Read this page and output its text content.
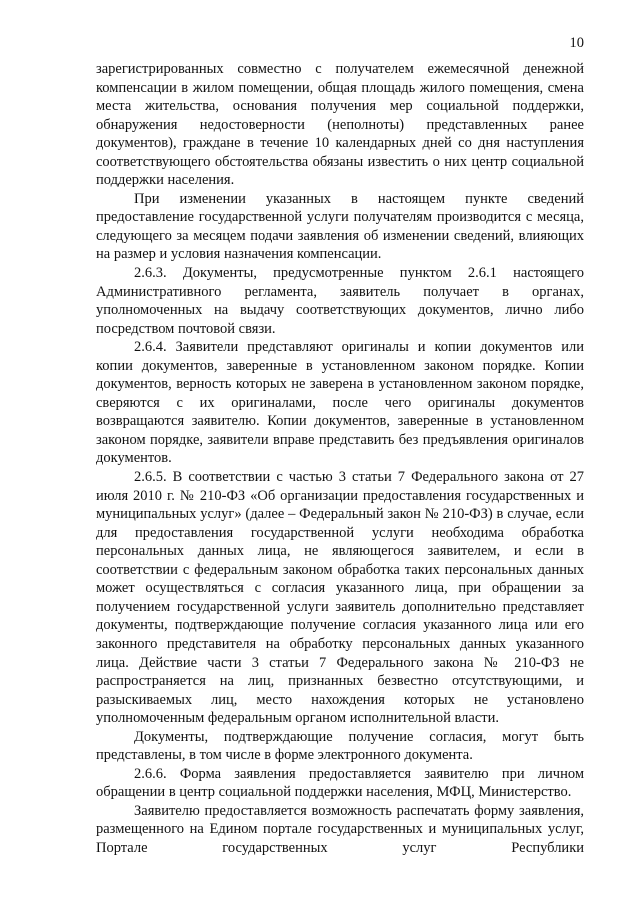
10

зарегистрированных совместно с получателем ежемесячной денежной компенсации в жилом помещении, общая площадь жилого помещения, смена места жительства, основания получения мер социальной поддержки, обнаружения недостоверности (неполноты) представленных ранее документов), граждане в течение 10 календарных дней со дня наступления соответствующего обстоятельства обязаны известить о них центр социальной поддержки населения.

При изменении указанных в настоящем пункте сведений предоставление государственной услуги получателям производится с месяца, следующего за месяцем подачи заявления об изменении сведений, влияющих на размер и условия назначения компенсации.

2.6.3. Документы, предусмотренные пунктом 2.6.1 настоящего Административного регламента, заявитель получает в органах, уполномоченных на выдачу соответствующих документов, лично либо посредством почтовой связи.

2.6.4. Заявители представляют оригиналы и копии документов или копии документов, заверенные в установленном законом порядке. Копии документов, верность которых не заверена в установленном законом порядке, сверяются с их оригиналами, после чего оригиналы документов возвращаются заявителю. Копии документов, заверенные в установленном законом порядке, заявители вправе представить без предъявления оригиналов документов.

2.6.5. В соответствии с частью 3 статьи 7 Федерального закона от 27 июля 2010 г. № 210-ФЗ «Об организации предоставления государственных и муниципальных услуг» (далее – Федеральный закон № 210-ФЗ) в случае, если для предоставления государственной услуги необходима обработка персональных данных лица, не являющегося заявителем, и если в соответствии с федеральным законом обработка таких персональных данных может осуществляться с согласия указанного лица, при обращении за получением государственной услуги заявитель дополнительно представляет документы, подтверждающие получение согласия указанного лица или его законного представителя на обработку персональных данных указанного лица. Действие части 3 статьи 7 Федерального закона № 210-ФЗ не распространяется на лиц, признанных безвестно отсутствующими, и разыскиваемых лиц, место нахождения которых не установлено уполномоченным федеральным органом исполнительной власти.

Документы, подтверждающие получение согласия, могут быть представлены, в том числе в форме электронного документа.

2.6.6. Форма заявления предоставляется заявителю при личном обращении в центр социальной поддержки населения, МФЦ, Министерство.

Заявителю предоставляется возможность распечатать форму заявления, размещенного на Едином портале государственных и муниципальных услуг, Портале государственных услуг Республики
